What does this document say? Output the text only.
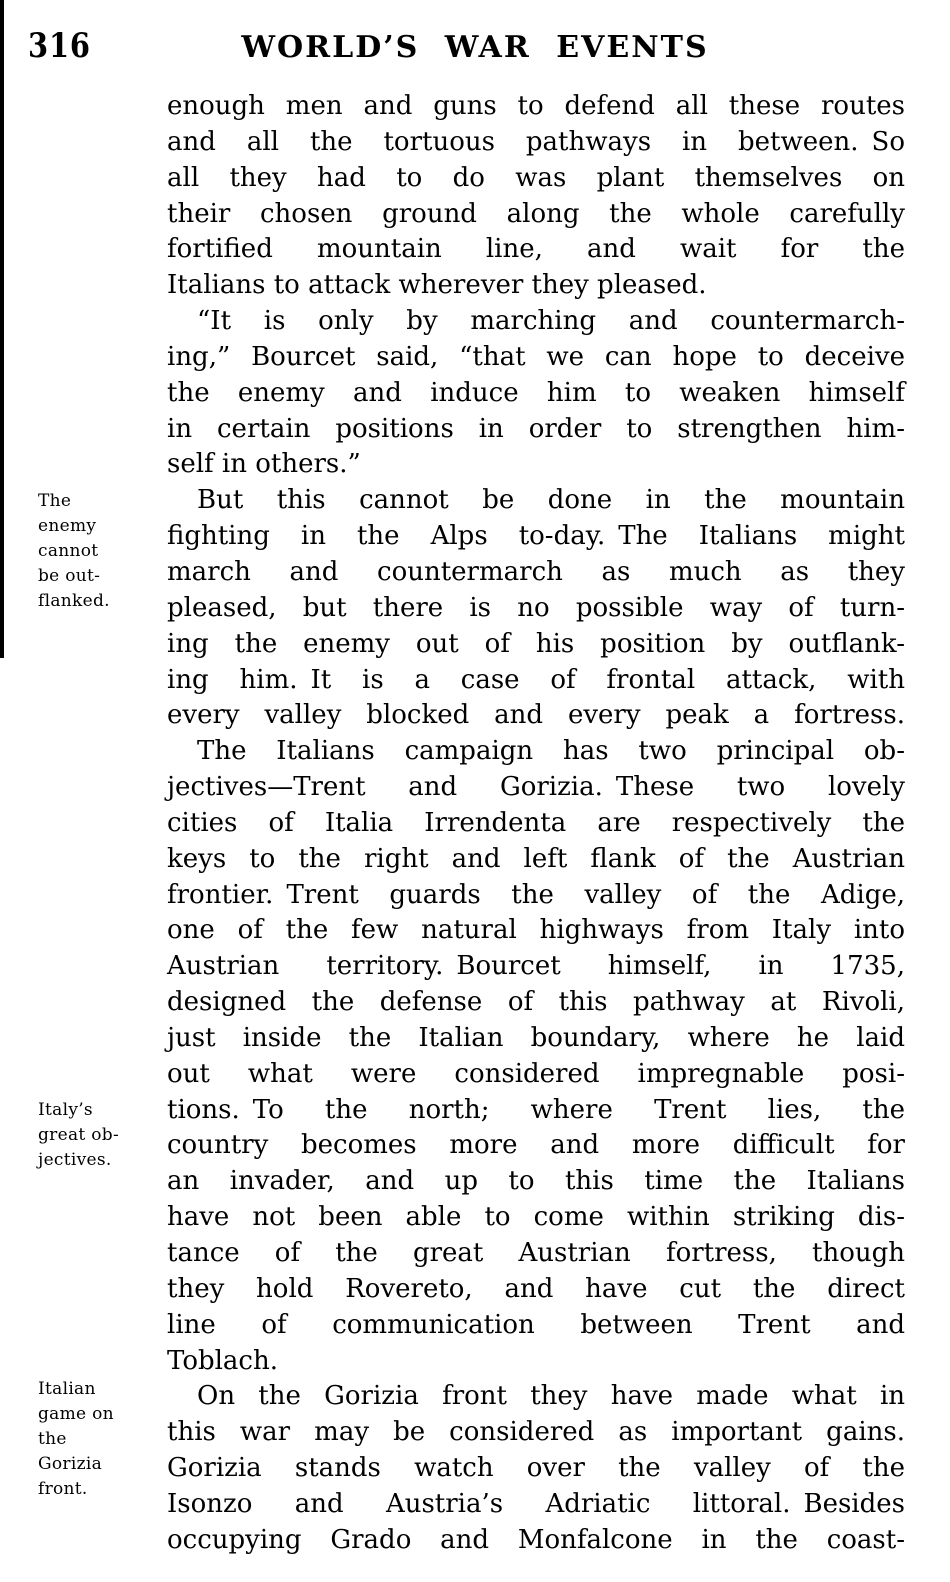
316	WORLD’S WAR EVENTS
The
enemy
cannot
be out-
flanked.
Italy’s
great ob-
jectives.
Italian
game on
the
Gorizia
front.
enough men and guns to defend all these routes
and all the tortuous pathways in between. So
all they had to do was plant themselves on
their chosen ground along the whole carefully
fortified mountain line, and wait for the
Italians to attack wherever they pleased.
“It is only by marching and countermarch-
ing,” Bourcet said, “that we can hope to deceive
the enemy and induce him to weaken himself
in certain positions in order to strengthen him-
self in others.”
But this cannot be done in the mountain
fighting in the Alps to-day. The Italians might
march and countermarch as much as they
pleased, but there is no possible way of turn-
ing the enemy out of his position by outflank-
ing him. It is a case of frontal attack, with
every valley blocked and every peak a fortress.
The Italians campaign has two principal ob-
jectives—Trent and Gorizia. These two lovely
cities of Italia Irrendenta are respectively the
keys to the right and left flank of the Austrian
frontier. Trent guards the valley of the Adige,
one of the few natural highways from Italy into
Austrian territory. Bourcet himself, in 1735,
designed the defense of this pathway at Rivoli,
just inside the Italian boundary, where he laid
out what were considered impregnable posi-
tions. To the north; where Trent lies, the
country becomes more and more difficult for
an invader, and up to this time the Italians
have not been able to come within striking dis-
tance of the great Austrian fortress, though
they hold Rovereto, and have cut the direct
line of communication between Trent and
Toblach.
On the Gorizia front they have made what in
this war may be considered as important gains.
Gorizia stands watch over the valley of the
Isonzo and Austria’s Adriatic littoral. Besides
occupying Grado and Monfalcone in the coast-
